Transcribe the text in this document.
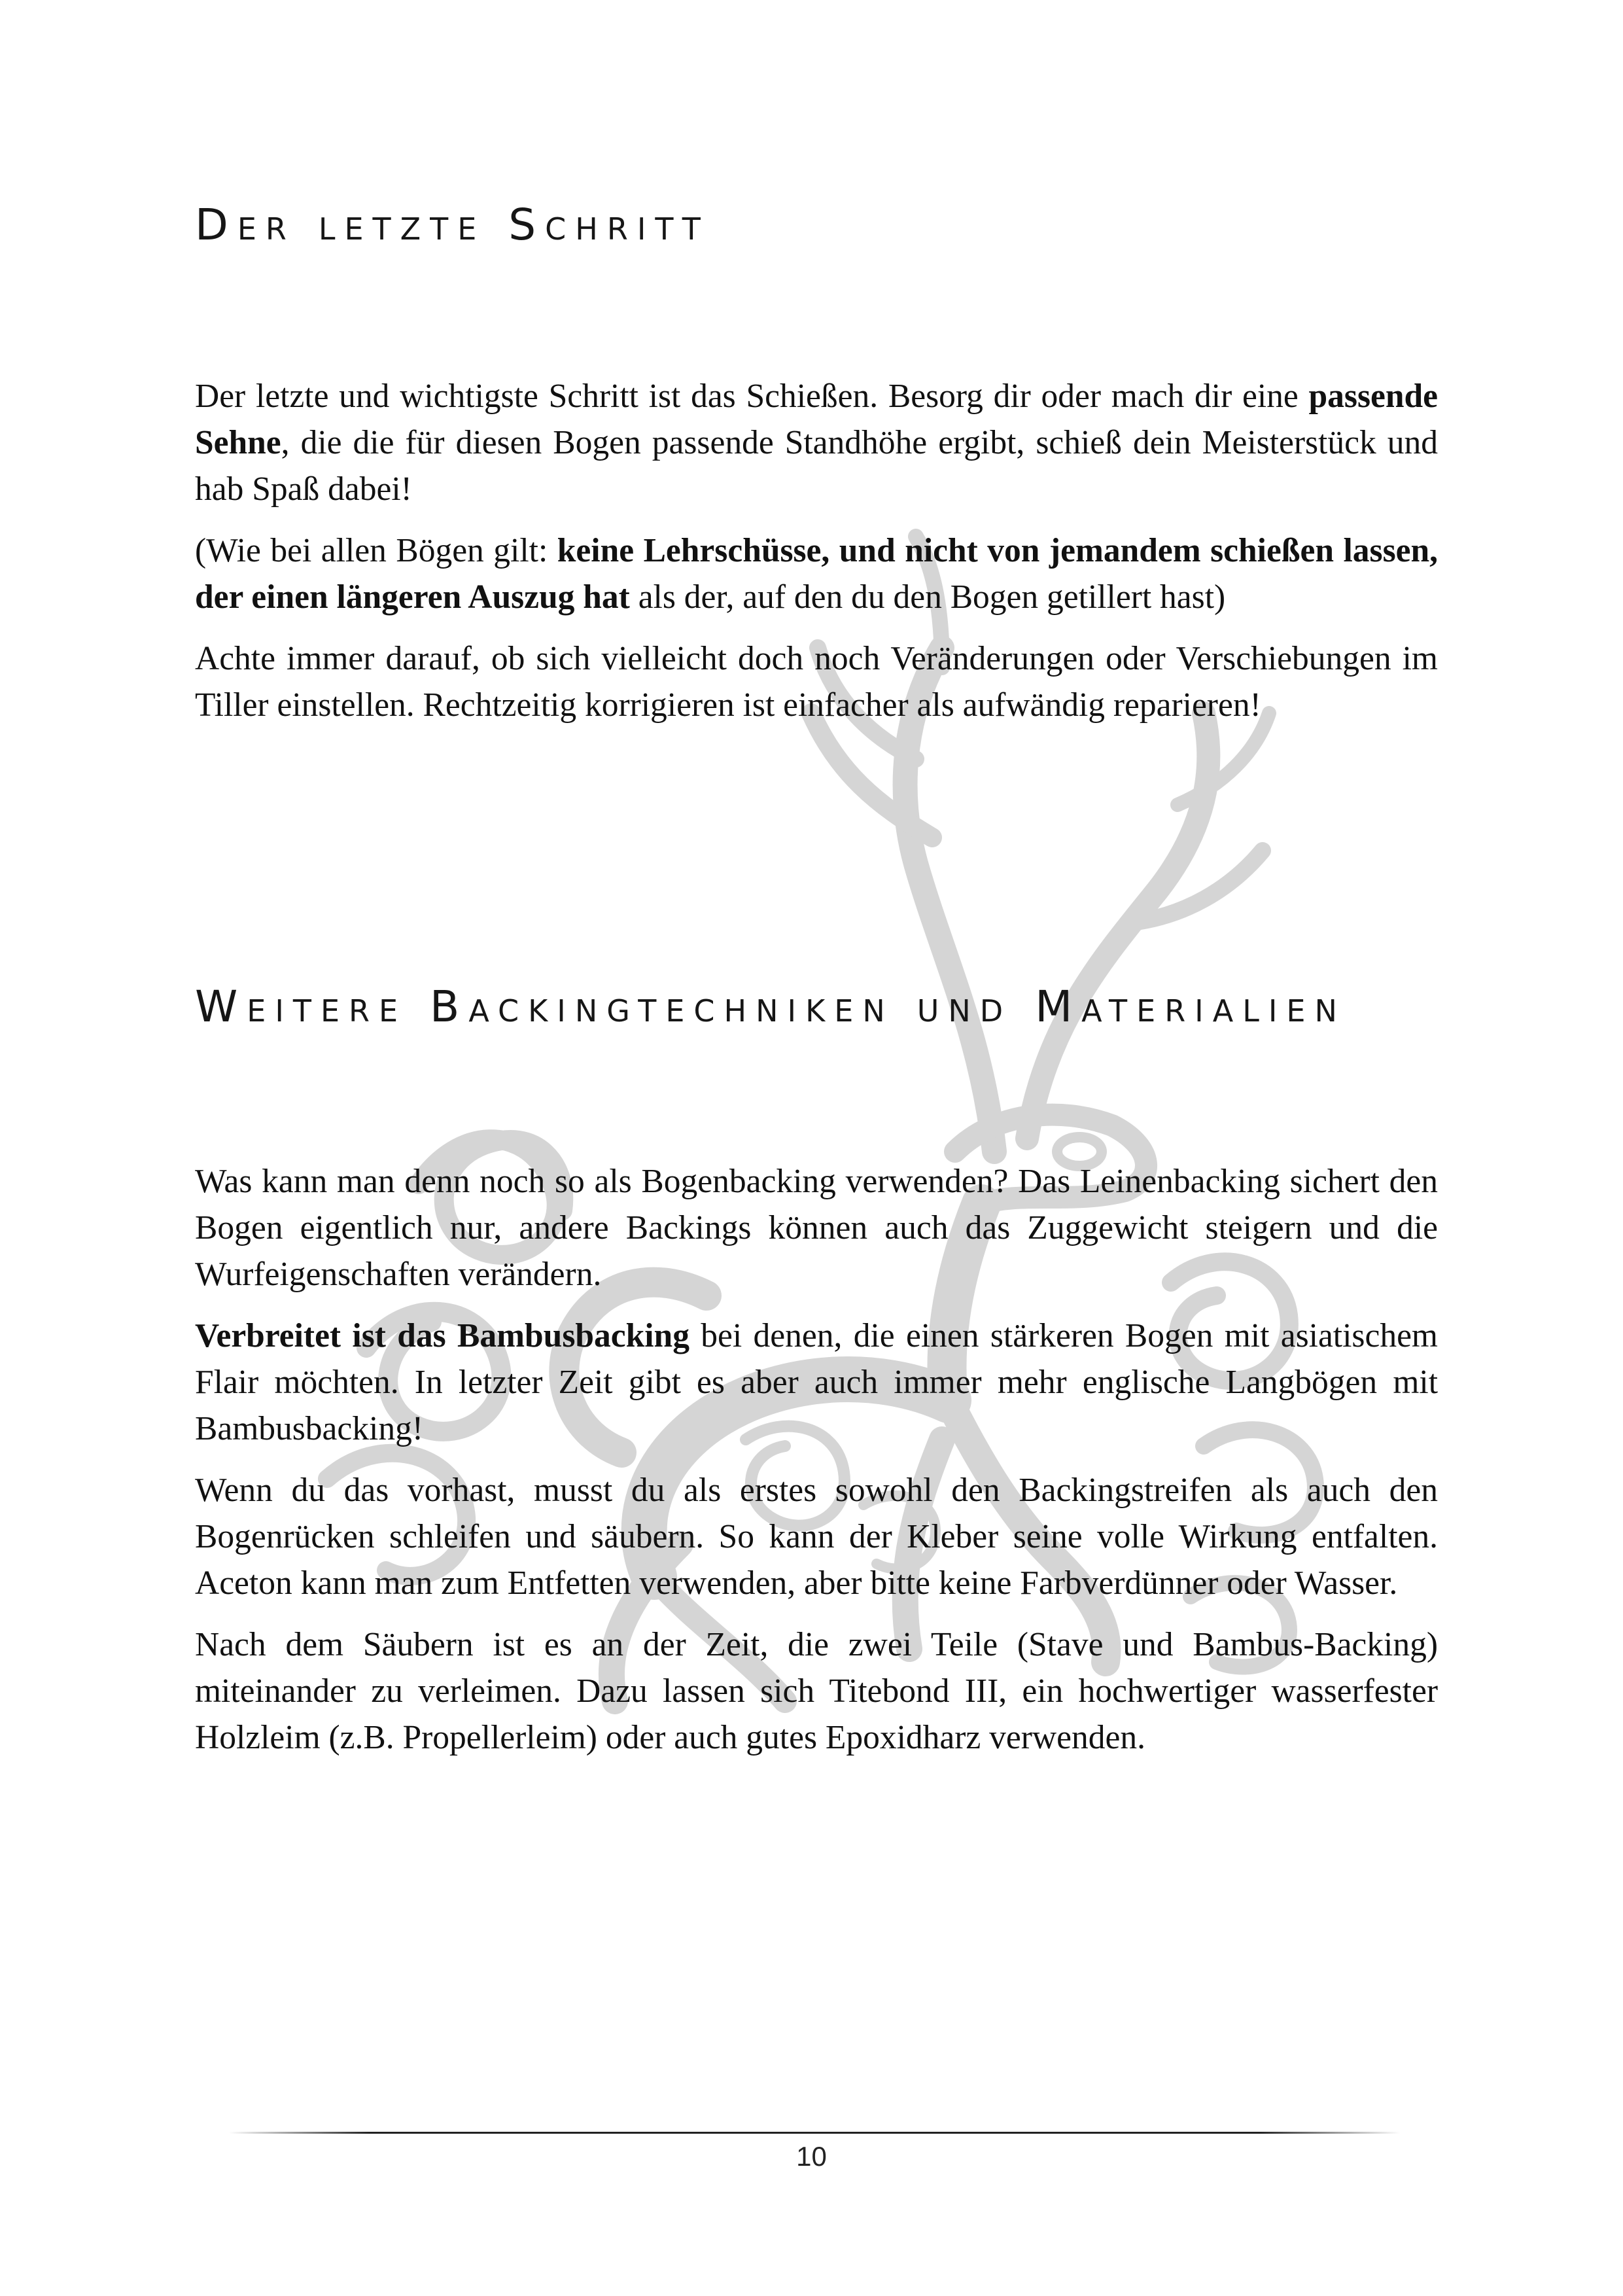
Der letzte Schritt

Der letzte und wichtigste Schritt ist das Schießen. Besorg dir oder mach dir eine passende Sehne, die die für diesen Bogen passende Standhöhe ergibt, schieß dein Meisterstück und hab Spaß dabei!

(Wie bei allen Bögen gilt: keine Lehrschüsse, und nicht von jemandem schießen lassen, der einen längeren Auszug hat als der, auf den du den Bogen getillert hast)

Achte immer darauf, ob sich vielleicht doch noch Veränderungen oder Verschiebungen im Tiller einstellen. Rechtzeitig korrigieren ist einfacher als aufwändig reparieren!

Weitere Backingtechniken und Materialien

Was kann man denn noch so als Bogenbacking verwenden? Das Leinenbacking sichert den Bogen eigentlich nur, andere Backings können auch das Zuggewicht steigern und die Wurfeigenschaften verändern.

Verbreitet ist das Bambusbacking bei denen, die einen stärkeren Bogen mit asiatischem Flair möchten. In letzter Zeit gibt es aber auch immer mehr englische Langbögen mit Bambusbacking!

Wenn du das vorhast, musst du als erstes sowohl den Backingstreifen als auch den Bogenrücken schleifen und säubern. So kann der Kleber seine volle Wirkung entfalten. Aceton kann man zum Entfetten verwenden, aber bitte keine Farbverdünner oder Wasser.

Nach dem Säubern ist es an der Zeit, die zwei Teile (Stave und Bambus-Backing) miteinander zu verleimen. Dazu lassen sich Titebond III, ein hochwertiger wasserfester Holzleim (z.B. Propellerleim) oder auch gutes Epoxidharz verwenden.

10
